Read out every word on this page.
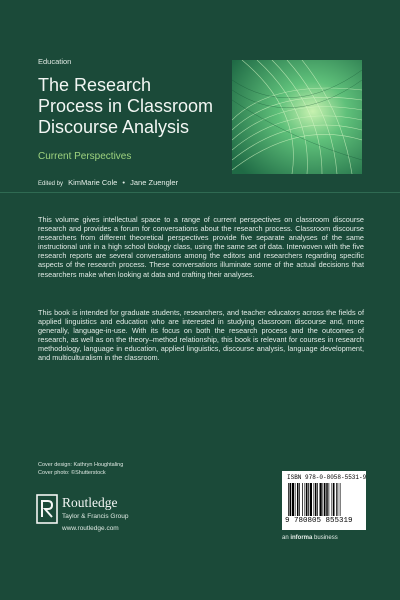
Education
The Research
Process in Classroom
Discourse Analysis
Current Perspectives
Edited by KimMarie Cole • Jane Zuengler

This volume gives intellectual space to a range of current perspectives on classroom discourse research and provides a forum for conversations about the research process. Classroom discourse researchers from different theoretical perspectives provide five separate analyses of the same instructional unit in a high school biology class, using the same set of data. Interwoven with the five research reports are several conversations among the editors and researchers regarding specific aspects of the research process. These conversations illuminate some of the actual decisions that researchers make when looking at data and crafting their analyses.

This book is intended for graduate students, researchers, and teacher educators across the fields of applied linguistics and education who are interested in studying classroom discourse and, more generally, language-in-use. With its focus on both the research process and the outcomes of research, as well as on the theory–method relationship, this book is relevant for courses in research methodology, language in education, applied linguistics, discourse analysis, language development, and multiculturalism in the classroom.

Cover design: Kathryn Houghtaling
Cover photo: ©Shutterstock
ISBN 978-0-8058-5531-9
9 780805 855319
Routledge
Taylor & Francis Group
www.routledge.com
an informa business
